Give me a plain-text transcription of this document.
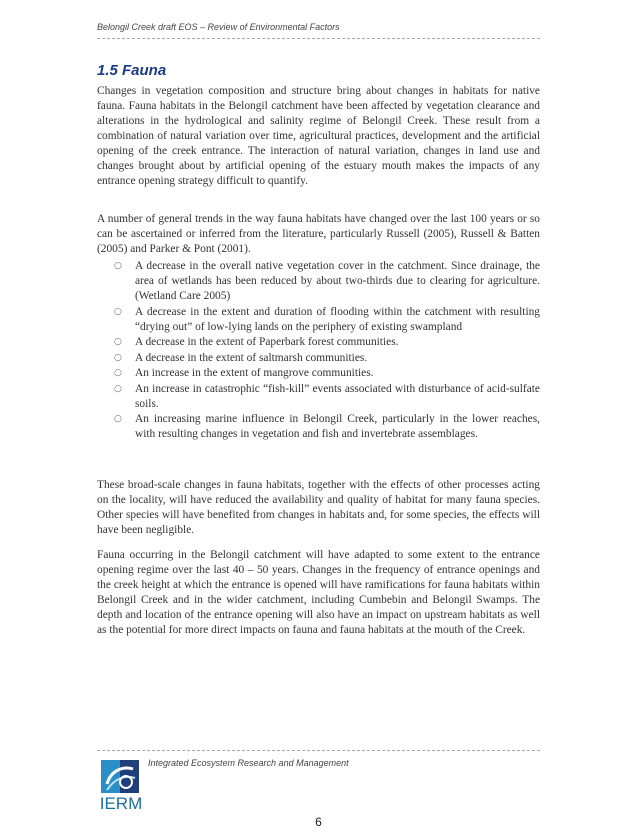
Belongil Creek draft EOS – Review of Environmental Factors
1.5 Fauna
Changes in vegetation composition and structure bring about changes in habitats for native fauna. Fauna habitats in the Belongil catchment have been affected by vegetation clearance and alterations in the hydrological and salinity regime of Belongil Creek. These result from a combination of natural variation over time, agricultural practices, development and the artificial opening of the creek entrance. The interaction of natural variation, changes in land use and changes brought about by artificial opening of the estuary mouth makes the impacts of any entrance opening strategy difficult to quantify.
A number of general trends in the way fauna habitats have changed over the last 100 years or so can be ascertained or inferred from the literature, particularly Russell (2005), Russell & Batten (2005) and Parker & Pont (2001).
○ A decrease in the overall native vegetation cover in the catchment. Since drainage, the area of wetlands has been reduced by about two-thirds due to clearing for agriculture. (Wetland Care 2005)
○ A decrease in the extent and duration of flooding within the catchment with resulting “drying out” of low-lying lands on the periphery of existing swampland
○ A decrease in the extent of Paperbark forest communities.
○ A decrease in the extent of saltmarsh communities.
○ An increase in the extent of mangrove communities.
○ An increase in catastrophic “fish-kill” events associated with disturbance of acid-sulfate soils.
○ An increasing marine influence in Belongil Creek, particularly in the lower reaches, with resulting changes in vegetation and fish and invertebrate assemblages.
These broad-scale changes in fauna habitats, together with the effects of other processes acting on the locality, will have reduced the availability and quality of habitat for many fauna species. Other species will have benefited from changes in habitats and, for some species, the effects will have been negligible.
Fauna occurring in the Belongil catchment will have adapted to some extent to the entrance opening regime over the last 40 – 50 years. Changes in the frequency of entrance openings and the creek height at which the entrance is opened will have ramifications for fauna habitats within Belongil Creek and in the wider catchment, including Cumbebin and Belongil Swamps. The depth and location of the entrance opening will also have an impact on upstream habitats as well as the potential for more direct impacts on fauna and fauna habitats at the mouth of the Creek.
IERM
Integrated Ecosystem Research and Management
6
